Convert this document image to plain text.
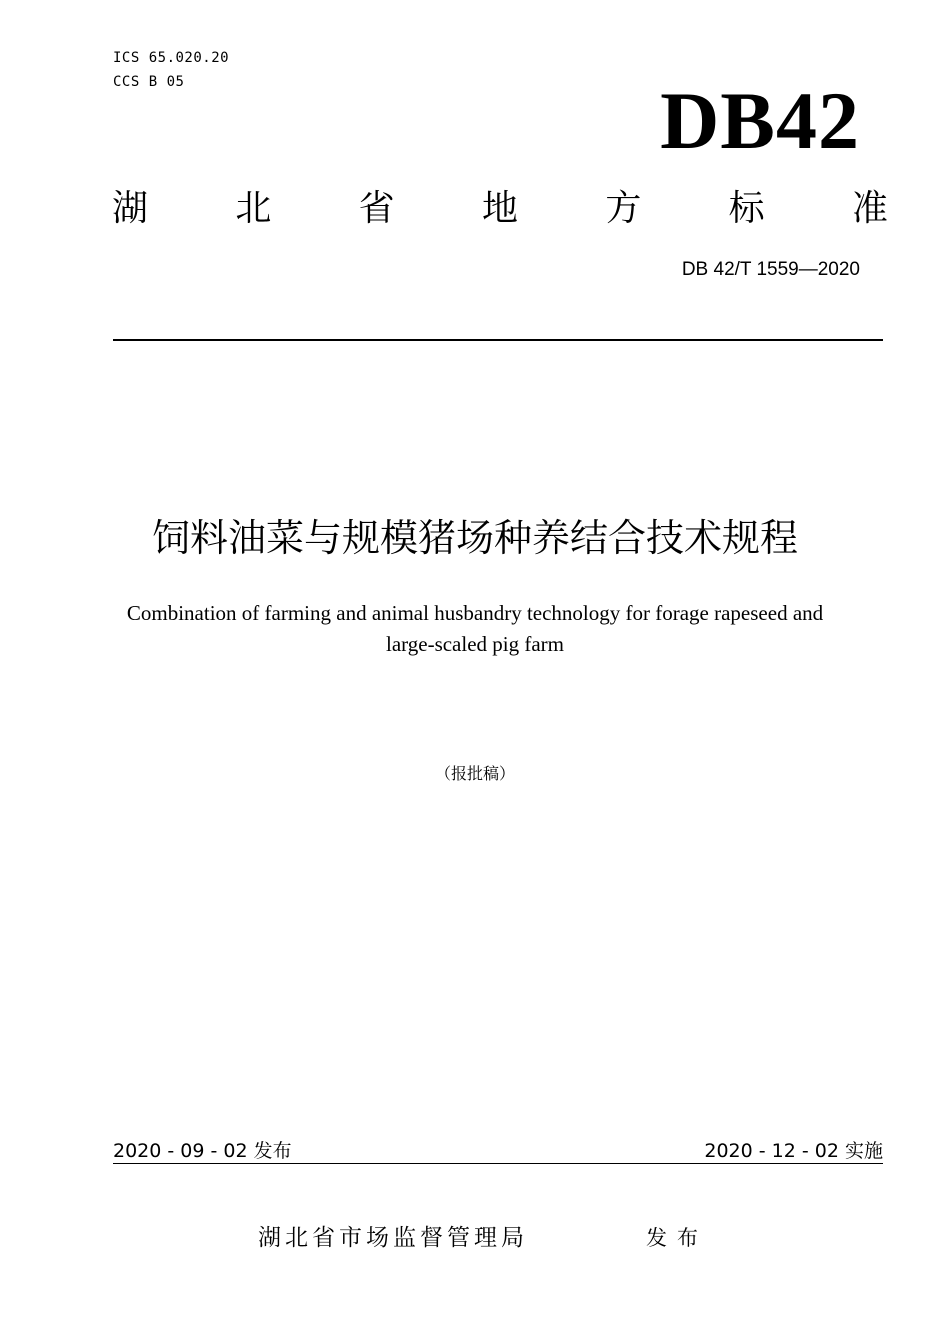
ICS 65.020.20
CCS B 05	DB42
湖 北 省 地 方 标 准
DB 42/T 1559—2020
饲料油菜与规模猪场种养结合技术规程
Combination of farming and animal husbandry technology for forage rapeseed and
large-scaled pig farm
（报批稿）
2020 - 09 - 02 发布	2020 - 12 - 02 实施
湖北省市场监督管理局	发布
